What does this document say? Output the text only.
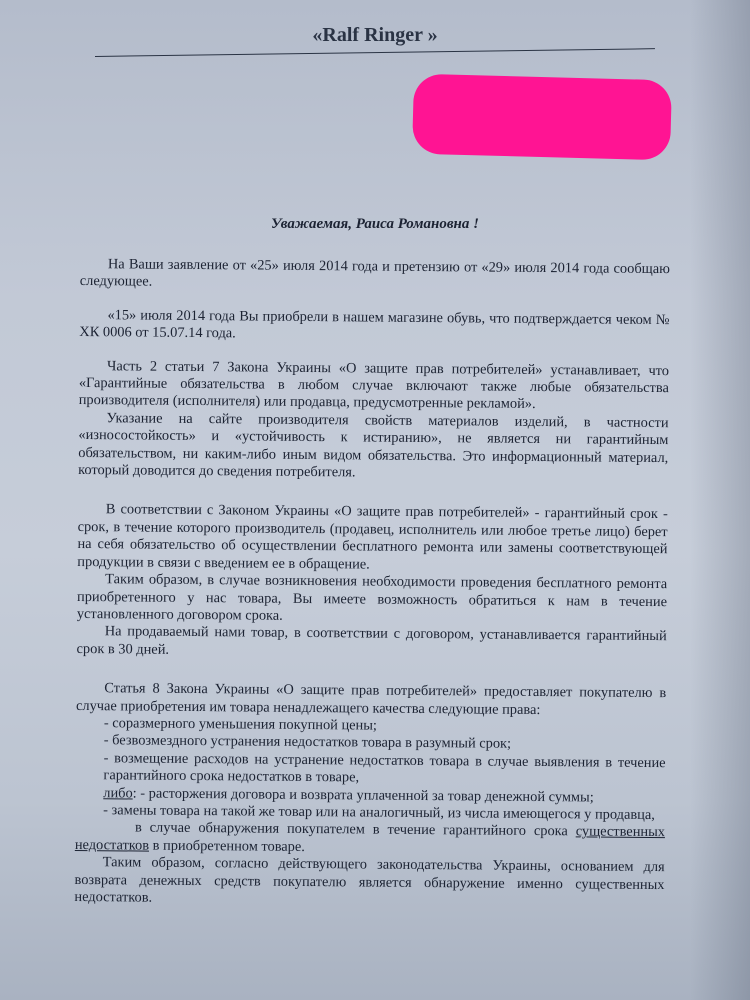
«Ralf Ringer »
Уважаемая, Раиса Романовна !

На Ваши заявление от «25» июля 2014 года и претензию от «29» июля 2014 года сообщаю следующее.

«15» июля 2014 года Вы приобрели в нашем магазине обувь, что подтверждается чеком № ХК 0006 от 15.07.14 года.

Часть 2 статьи 7 Закона Украины «О защите прав потребителей» устанавливает, что «Гарантийные обязательства в любом случае включают также любые обязательства производителя (исполнителя) или продавца, предусмотренные рекламой».

Указание на сайте производителя свойств материалов изделий, в частности «износостойкость» и «устойчивость к истиранию», не является ни гарантийным обязательством, ни каким-либо иным видом обязательства. Это информационный материал, который доводится до сведения потребителя.

В соответствии с Законом Украины «О защите прав потребителей» - гарантийный срок - срок, в течение которого производитель (продавец, исполнитель или любое третье лицо) берет на себя обязательство об осуществлении бесплатного ремонта или замены соответствующей продукции в связи с введением ее в обращение.

Таким образом, в случае возникновения необходимости проведения бесплатного ремонта приобретенного у нас товара, Вы имеете возможность обратиться к нам в течение установленного договором срока.

На продаваемый нами товар, в соответствии с договором, устанавливается гарантийный срок в 30 дней.

Статья 8 Закона Украины «О защите прав потребителей» предоставляет покупателю в случае приобретения им товара ненадлежащего качества следующие права:

- соразмерного уменьшения покупной цены;

- безвозмездного устранения недостатков товара в разумный срок;

- возмещение расходов на устранение недостатков товара в случае выявления в течение гарантийного срока недостатков в товаре,

либо: - расторжения договора и возврата уплаченной за товар денежной суммы;

- замены товара на такой же товар или на аналогичный, из числа имеющегося у продавца,

в случае обнаружения покупателем в течение гарантийного срока существенных недостатков в приобретенном товаре.

Таким образом, согласно действующего законодательства Украины, основанием для возврата денежных средств покупателю является обнаружение именно существенных недостатков.
